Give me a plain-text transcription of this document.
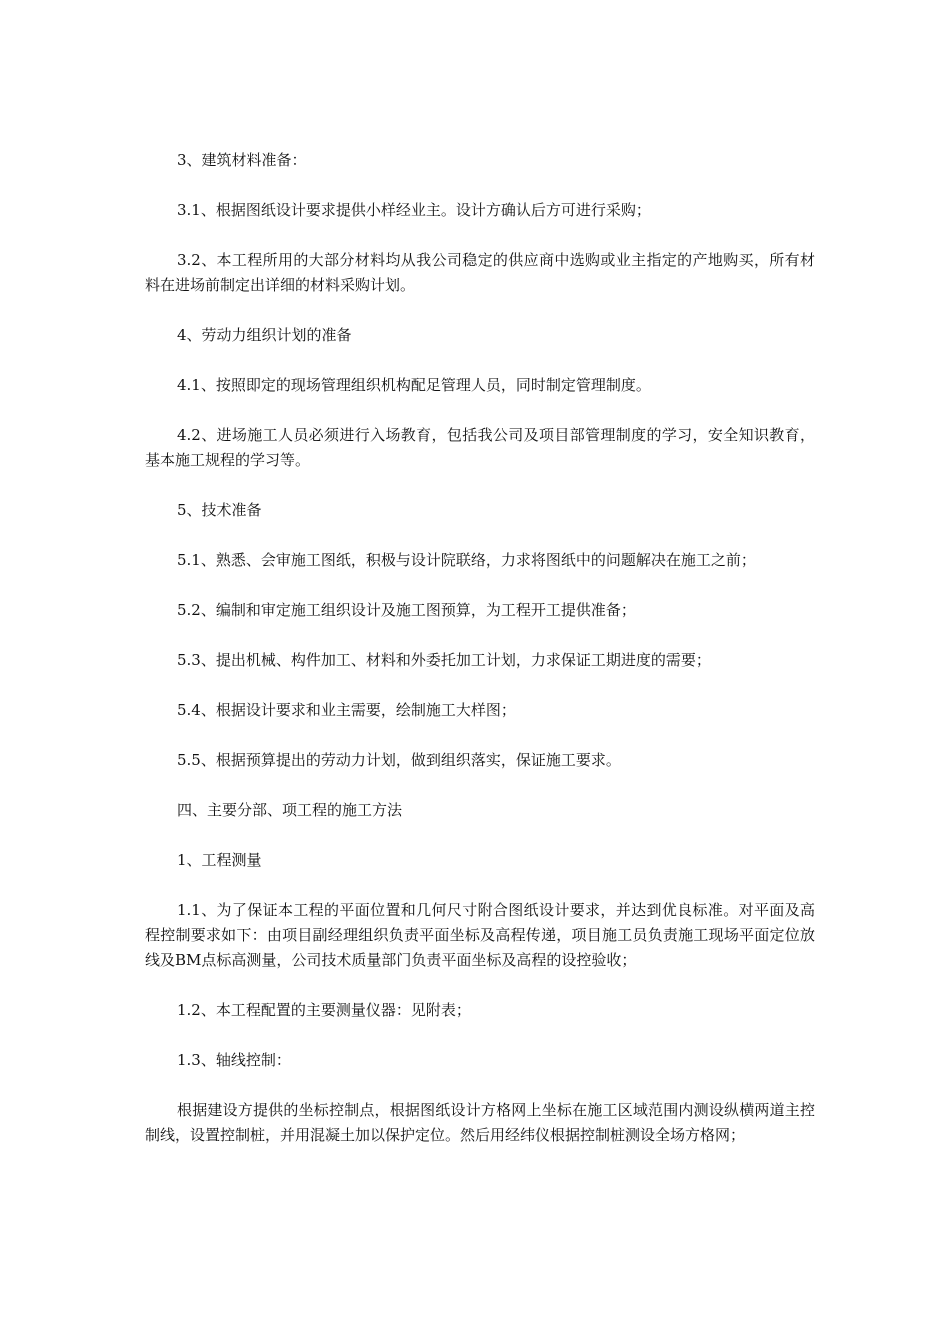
3、建筑材料准备：

3.1、根据图纸设计要求提供小样经业主。设计方确认后方可进行采购；

3.2、本工程所用的大部分材料均从我公司稳定的供应商中选购或业主指定的产地购买，所有材料在进场前制定出详细的材料采购计划。

4、劳动力组织计划的准备

4.1、按照即定的现场管理组织机构配足管理人员，同时制定管理制度。

4.2、进场施工人员必须进行入场教育，包括我公司及项目部管理制度的学习，安全知识教育，基本施工规程的学习等。

5、技术准备

5.1、熟悉、会审施工图纸，积极与设计院联络，力求将图纸中的问题解决在施工之前；

5.2、编制和审定施工组织设计及施工图预算，为工程开工提供准备；

5.3、提出机械、构件加工、材料和外委托加工计划，力求保证工期进度的需要；

5.4、根据设计要求和业主需要，绘制施工大样图；

5.5、根据预算提出的劳动力计划，做到组织落实，保证施工要求。

四、主要分部、项工程的施工方法

1、工程测量

1.1、为了保证本工程的平面位置和几何尺寸附合图纸设计要求，并达到优良标准。对平面及高程控制要求如下：由项目副经理组织负责平面坐标及高程传递，项目施工员负责施工现场平面定位放线及BM点标高测量，公司技术质量部门负责平面坐标及高程的设控验收；

1.2、本工程配置的主要测量仪器：见附表；

1.3、轴线控制：

根据建设方提供的坐标控制点，根据图纸设计方格网上坐标在施工区域范围内测设纵横两道主控制线，设置控制桩，并用混凝土加以保护定位。然后用经纬仪根据控制桩测设全场方格网；
